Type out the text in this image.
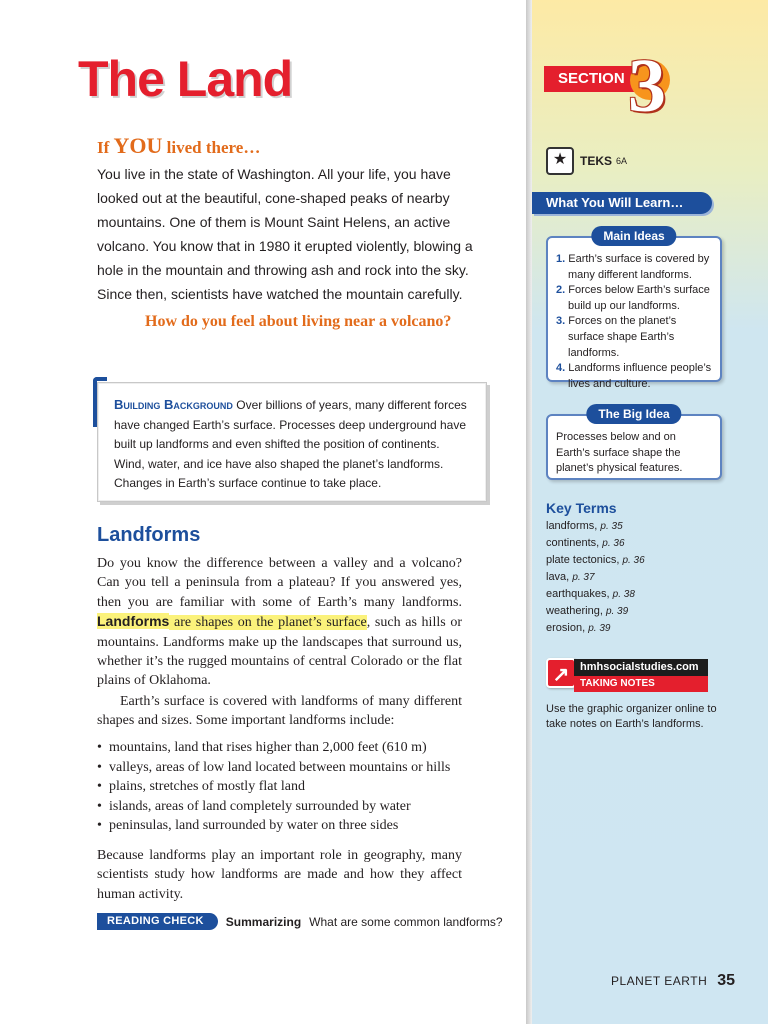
The Land	SECTION 3
★	TEKS 6A
What You Will Learn…
Main Ideas
1. Earth’s surface is covered by many different landforms.
2. Forces below Earth’s surface build up our landforms.
3. Forces on the planet’s surface shape Earth’s landforms.
4. Landforms influence people’s lives and culture.
The Big Idea
Processes below and on Earth’s surface shape the planet’s physical features.
Key Terms
landforms, p. 35
continents, p. 36
plate tectonics, p. 36
lava, p. 37
earthquakes, p. 38
weathering, p. 39
erosion, p. 39
↗ hmhsocialstudies.com
TAKING NOTES
Use the graphic organizer online to take notes on Earth’s landforms.
If YOU lived there…

You live in the state of Washington. All your life, you have looked out at the beautiful, cone-shaped peaks of nearby mountains. One of them is Mount Saint Helens, an active volcano. You know that in 1980 it erupted violently, blowing a hole in the mountain and throwing ash and rock into the sky. Since then, scientists have watched the mountain carefully.

How do you feel about living near a volcano?
Building Background Over billions of years, many different forces have changed Earth’s surface. Processes deep underground have built up landforms and even shifted the position of continents. Wind, water, and ice have also shaped the planet’s landforms. Changes in Earth’s surface continue to take place.
Landforms

Do you know the difference between a valley and a volcano? Can you tell a peninsula from a plateau? If you answered yes, then you are familiar with some of Earth’s many landforms. Landforms are shapes on the planet’s surface, such as hills or mountains. Landforms make up the landscapes that surround us, whether it’s the rugged mountains of central Colorado or the flat plains of Oklahoma.

Earth’s surface is covered with landforms of many different shapes and sizes. Some important landforms include:

• mountains, land that rises higher than 2,000 feet (610 m)
• valleys, areas of low land located between mountains or hills
• plains, stretches of mostly flat land
• islands, areas of land completely surrounded by water
• peninsulas, land surrounded by water on three sides

Because landforms play an important role in geography, many scientists study how landforms are made and how they affect human activity.

READING CHECK	Summarizing What are some common landforms?
PLANET EARTH 35
